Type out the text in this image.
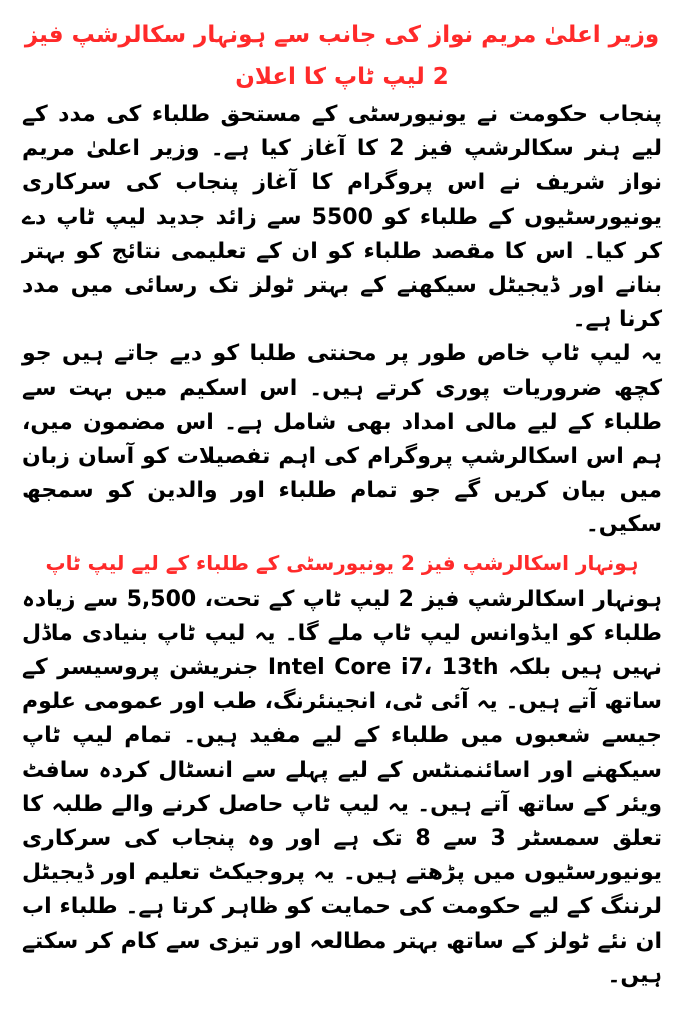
وزیر اعلیٰ مریم نواز کی جانب سے ہونہار سکالرشپ فیز 2 لیپ ٹاپ کا اعلان

پنجاب حکومت نے یونیورسٹی کے مستحق طلباء کی مدد کے لیے ہنر سکالرشپ فیز 2 کا آغاز کیا ہے۔ وزیر اعلیٰ مریم نواز شریف نے اس پروگرام کا آغاز پنجاب کی سرکاری یونیورسٹیوں کے طلباء کو 5500 سے زائد جدید لیپ ٹاپ دے کر کیا۔ اس کا مقصد طلباء کو ان کے تعلیمی نتائج کو بہتر بنانے اور ڈیجیٹل سیکھنے کے بہتر ٹولز تک رسائی میں مدد کرنا ہے۔

یہ لیپ ٹاپ خاص طور پر محنتی طلبا کو دیے جاتے ہیں جو کچھ ضروریات پوری کرتے ہیں۔ اس اسکیم میں بہت سے طلباء کے لیے مالی امداد بھی شامل ہے۔ اس مضمون میں، ہم اس اسکالرشپ پروگرام کی اہم تفصیلات کو آسان زبان میں بیان کریں گے جو تمام طلباء اور والدین کو سمجھ سکیں۔

ہونہار اسکالرشپ فیز 2 یونیورسٹی کے طلباء کے لیے لیپ ٹاپ

ہونہار اسکالرشپ فیز 2 لیپ ٹاپ کے تحت، 5,500 سے زیادہ طلباء کو ایڈوانس لیپ ٹاپ ملے گا۔ یہ لیپ ٹاپ بنیادی ماڈل نہیں ہیں بلکہ Intel Core i7، 13th جنریشن پروسیسر کے ساتھ آتے ہیں۔ یہ آئی ٹی، انجینئرنگ، طب اور عمومی علوم جیسے شعبوں میں طلباء کے لیے مفید ہیں۔ تمام لیپ ٹاپ سیکھنے اور اسائنمنٹس کے لیے پہلے سے انسٹال کردہ سافٹ ویئر کے ساتھ آتے ہیں۔ یہ لیپ ٹاپ حاصل کرنے والے طلبہ کا تعلق سمسٹر 3 سے 8 تک ہے اور وہ پنجاب کی سرکاری یونیورسٹیوں میں پڑھتے ہیں۔ یہ پروجیکٹ تعلیم اور ڈیجیٹل لرننگ کے لیے حکومت کی حمایت کو ظاہر کرتا ہے۔ طلباء اب ان نئے ٹولز کے ساتھ بہتر مطالعہ اور تیزی سے کام کر سکتے ہیں۔
